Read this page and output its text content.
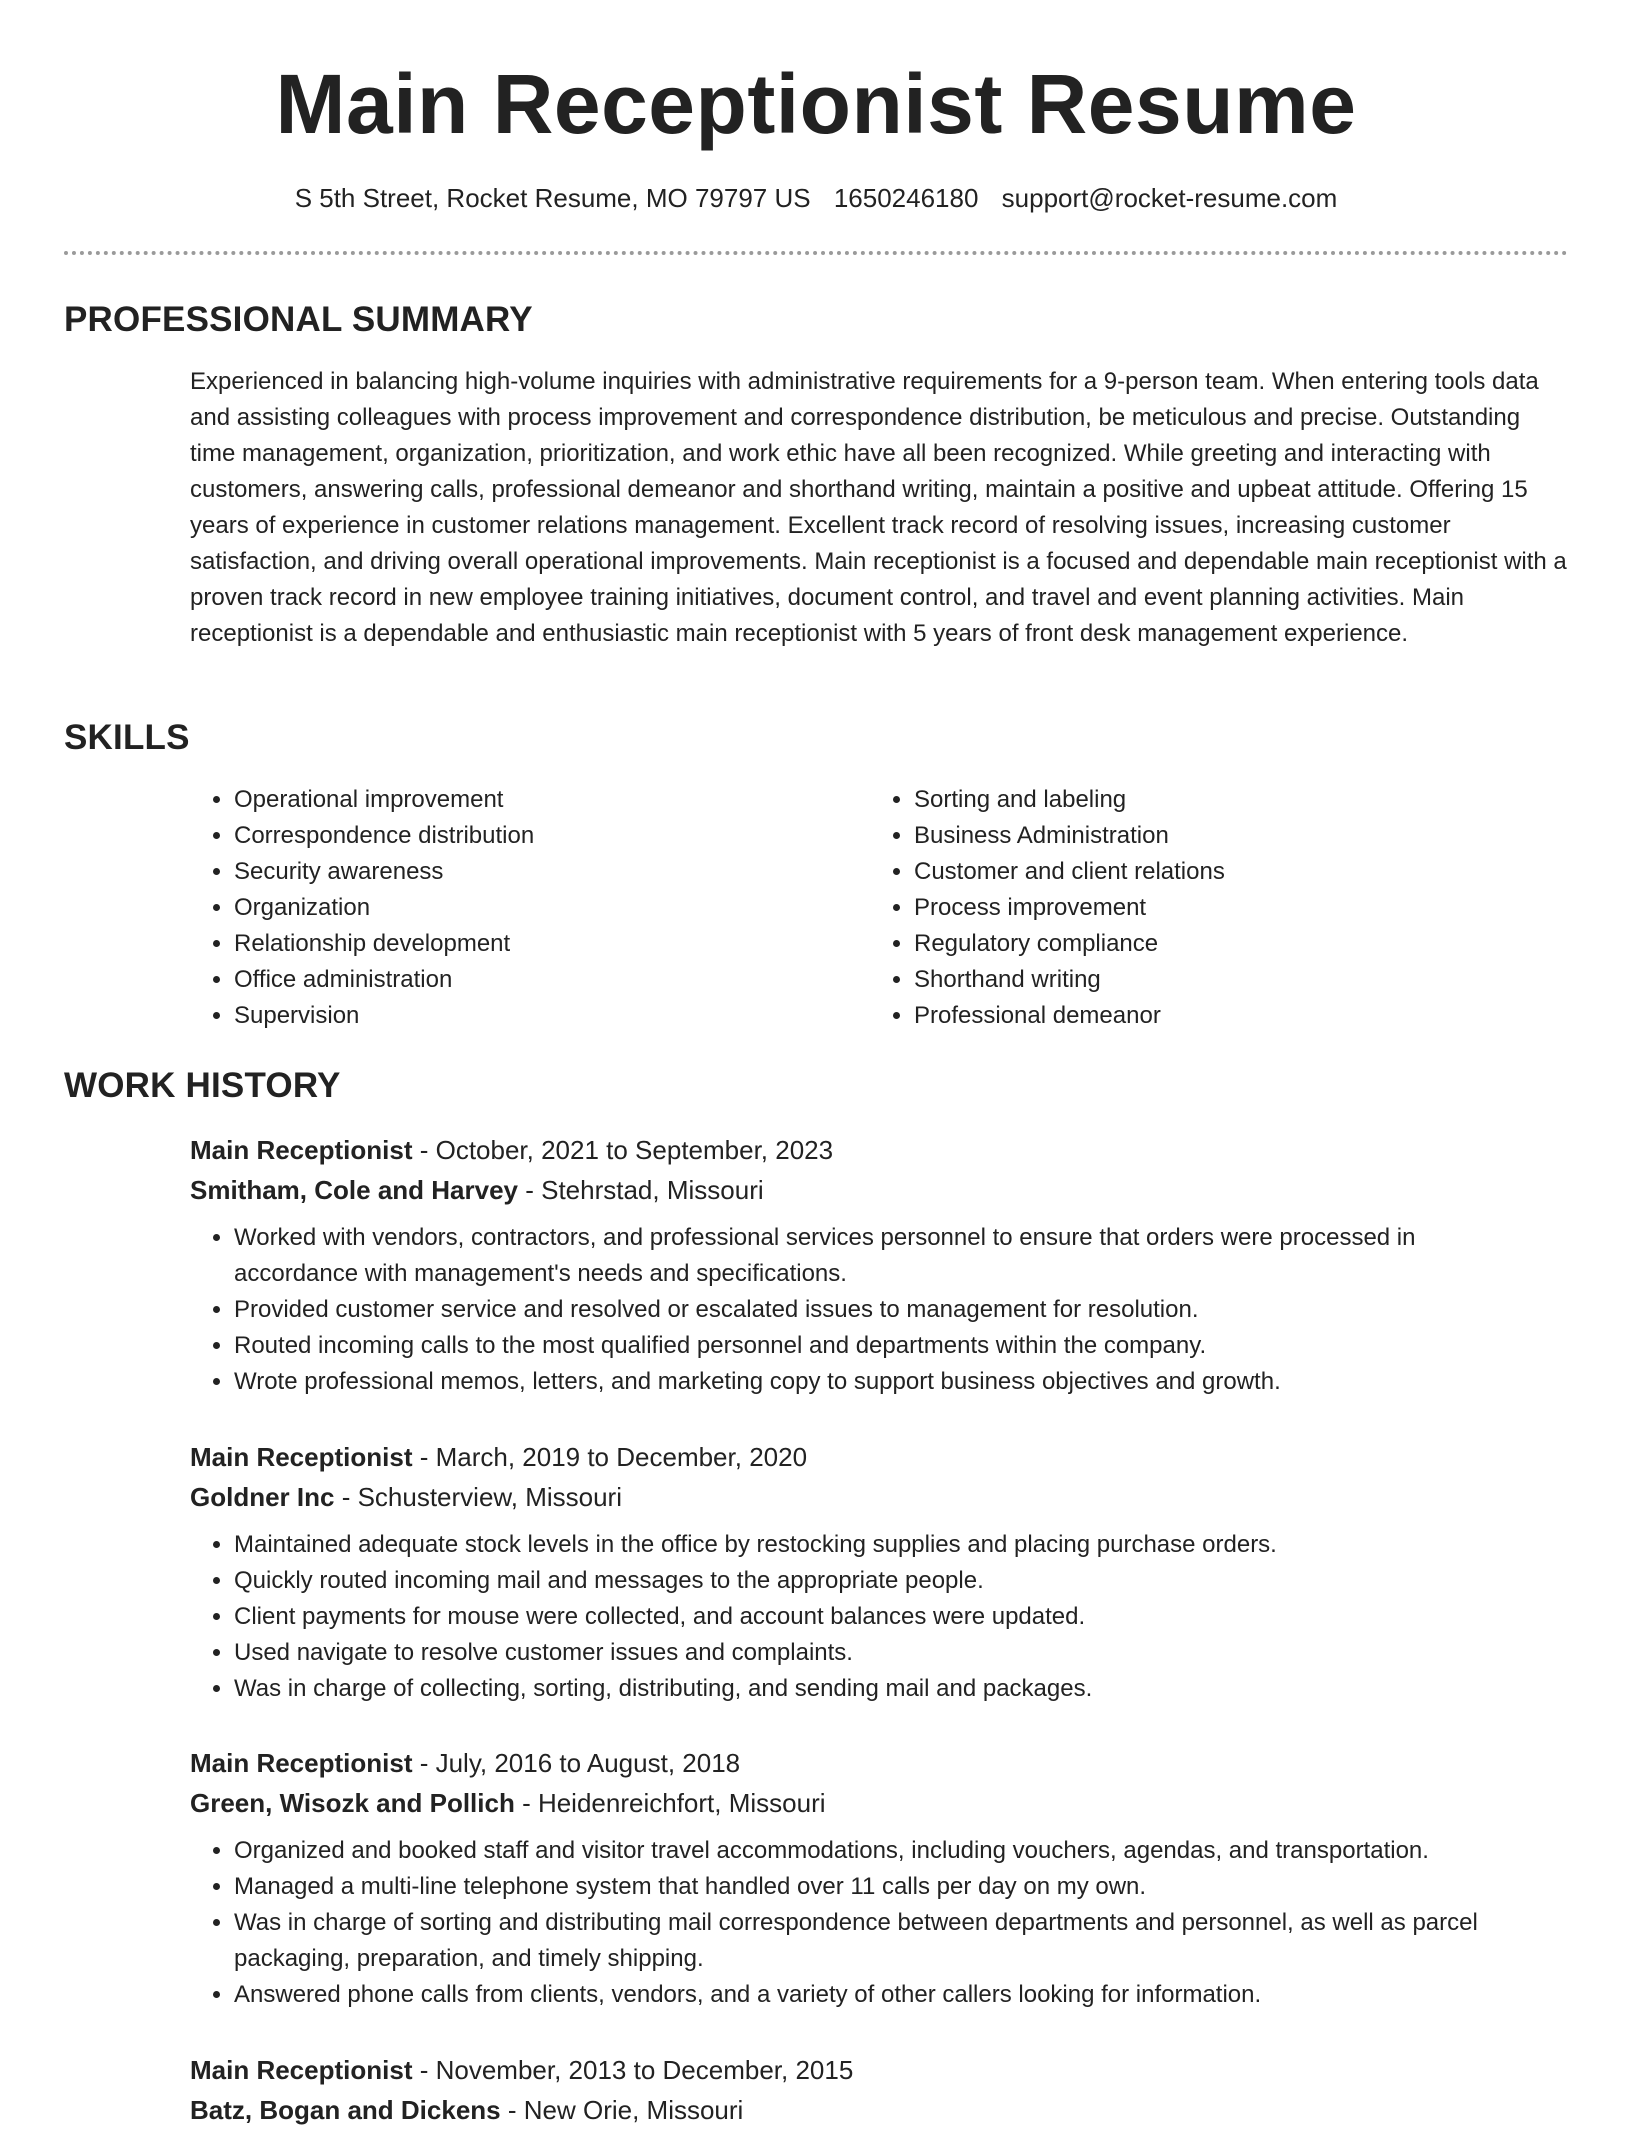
Main Receptionist Resume
S 5th Street, Rocket Resume, MO 79797 US 1650246180 support@rocket-resume.com
PROFESSIONAL SUMMARY

Experienced in balancing high-volume inquiries with administrative requirements for a 9-person team. When entering tools data and assisting colleagues with process improvement and correspondence distribution, be meticulous and precise. Outstanding time management, organization, prioritization, and work ethic have all been recognized. While greeting and interacting with customers, answering calls, professional demeanor and shorthand writing, maintain a positive and upbeat attitude. Offering 15 years of experience in customer relations management. Excellent track record of resolving issues, increasing customer satisfaction, and driving overall operational improvements. Main receptionist is a focused and dependable main receptionist with a proven track record in new employee training initiatives, document control, and travel and event planning activities. Main receptionist is a dependable and enthusiastic main receptionist with 5 years of front desk management experience.

SKILLS
• Operational improvement
• Correspondence distribution
• Security awareness
• Organization
• Relationship development
• Office administration
• Supervision
• Sorting and labeling
• Business Administration
• Customer and client relations
• Process improvement
• Regulatory compliance
• Shorthand writing
• Professional demeanor
WORK HISTORY
Main Receptionist - October, 2021 to September, 2023
Smitham, Cole and Harvey - Stehrstad, Missouri
• Worked with vendors, contractors, and professional services personnel to ensure that orders were processed in accordance with management's needs and specifications.
• Provided customer service and resolved or escalated issues to management for resolution.
• Routed incoming calls to the most qualified personnel and departments within the company.
• Wrote professional memos, letters, and marketing copy to support business objectives and growth.
Main Receptionist - March, 2019 to December, 2020
Goldner Inc - Schusterview, Missouri
• Maintained adequate stock levels in the office by restocking supplies and placing purchase orders.
• Quickly routed incoming mail and messages to the appropriate people.
• Client payments for mouse were collected, and account balances were updated.
• Used navigate to resolve customer issues and complaints.
• Was in charge of collecting, sorting, distributing, and sending mail and packages.
Main Receptionist - July, 2016 to August, 2018
Green, Wisozk and Pollich - Heidenreichfort, Missouri
• Organized and booked staff and visitor travel accommodations, including vouchers, agendas, and transportation.
• Managed a multi-line telephone system that handled over 11 calls per day on my own.
• Was in charge of sorting and distributing mail correspondence between departments and personnel, as well as parcel packaging, preparation, and timely shipping.
• Answered phone calls from clients, vendors, and a variety of other callers looking for information.
Main Receptionist - November, 2013 to December, 2015
Batz, Bogan and Dickens - New Orie, Missouri
